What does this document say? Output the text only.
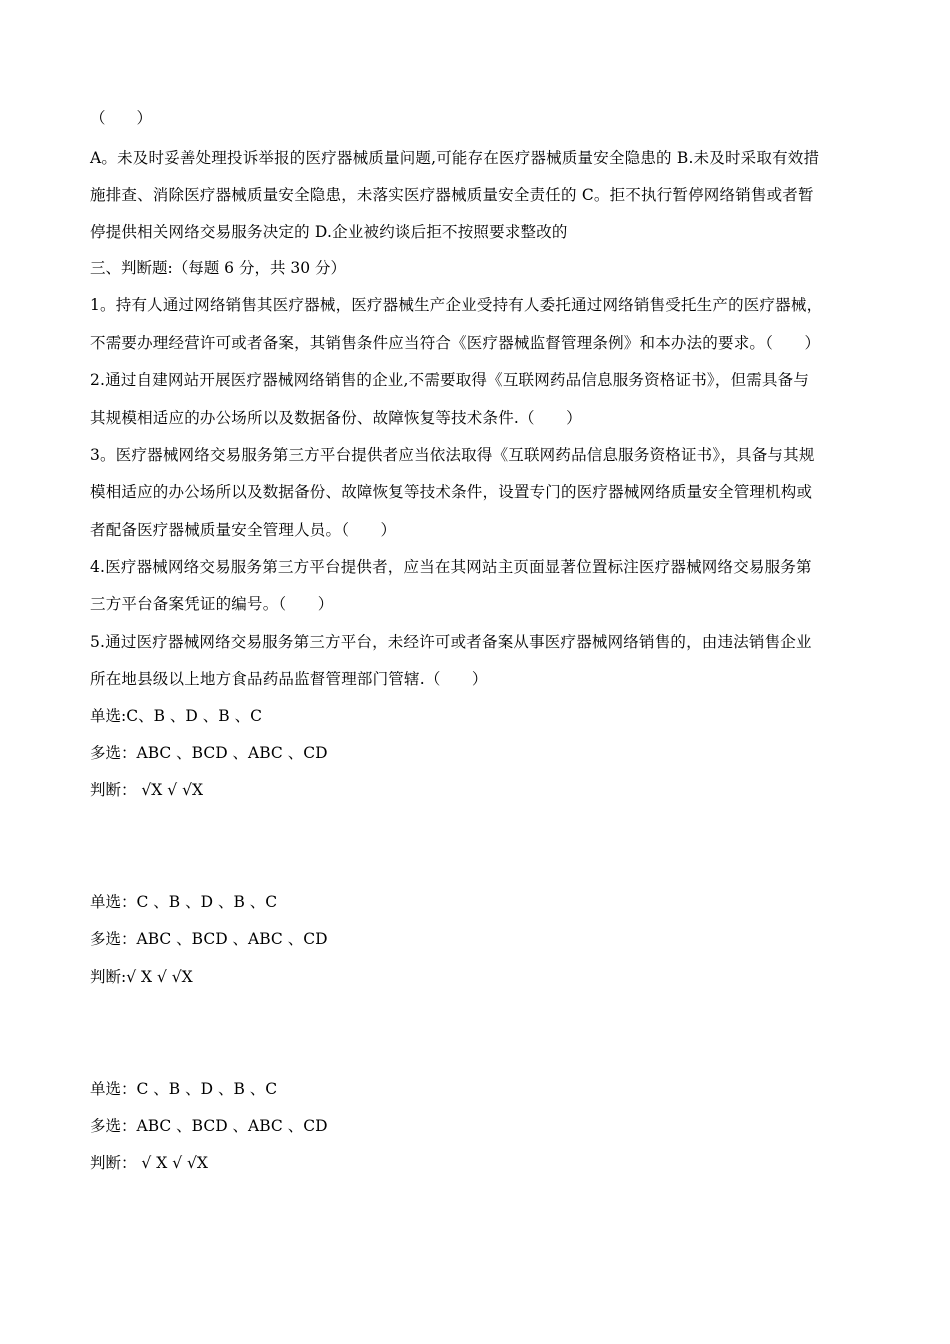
（　　）
A。未及时妥善处理投诉举报的医疗器械质量问题,可能存在医疗器械质量安全隐患的 B.未及时采取有效措
施排查、消除医疗器械质量安全隐患，未落实医疗器械质量安全责任的 C。拒不执行暂停网络销售或者暂
停提供相关网络交易服务决定的 D.企业被约谈后拒不按照要求整改的
三、判断题:（每题 6 分，共 30 分）
1。持有人通过网络销售其医疗器械，医疗器械生产企业受持有人委托通过网络销售受托生产的医疗器械，
不需要办理经营许可或者备案，其销售条件应当符合《医疗器械监督管理条例》和本办法的要求。（　　）
2.通过自建网站开展医疗器械网络销售的企业,不需要取得《互联网药品信息服务资格证书》，但需具备与
其规模相适应的办公场所以及数据备份、故障恢复等技术条件.（　　）
3。医疗器械网络交易服务第三方平台提供者应当依法取得《互联网药品信息服务资格证书》，具备与其规
模相适应的办公场所以及数据备份、故障恢复等技术条件，设置专门的医疗器械网络质量安全管理机构或
者配备医疗器械质量安全管理人员。（　　）
4.医疗器械网络交易服务第三方平台提供者，应当在其网站主页面显著位置标注医疗器械网络交易服务第
三方平台备案凭证的编号。（　　）
5.通过医疗器械网络交易服务第三方平台，未经许可或者备案从事医疗器械网络销售的，由违法销售企业
所在地县级以上地方食品药品监督管理部门管辖.（　　）
单选:C、B 、D 、B 、C
多选：ABC 、BCD 、ABC 、CD
判断： √X √ √X
单选：C 、B 、D 、B 、C
多选：ABC 、BCD 、ABC 、CD
判断:√ X √ √X
单选：C 、B 、D 、B 、C
多选：ABC 、BCD 、ABC 、CD
判断： √ X √ √X
